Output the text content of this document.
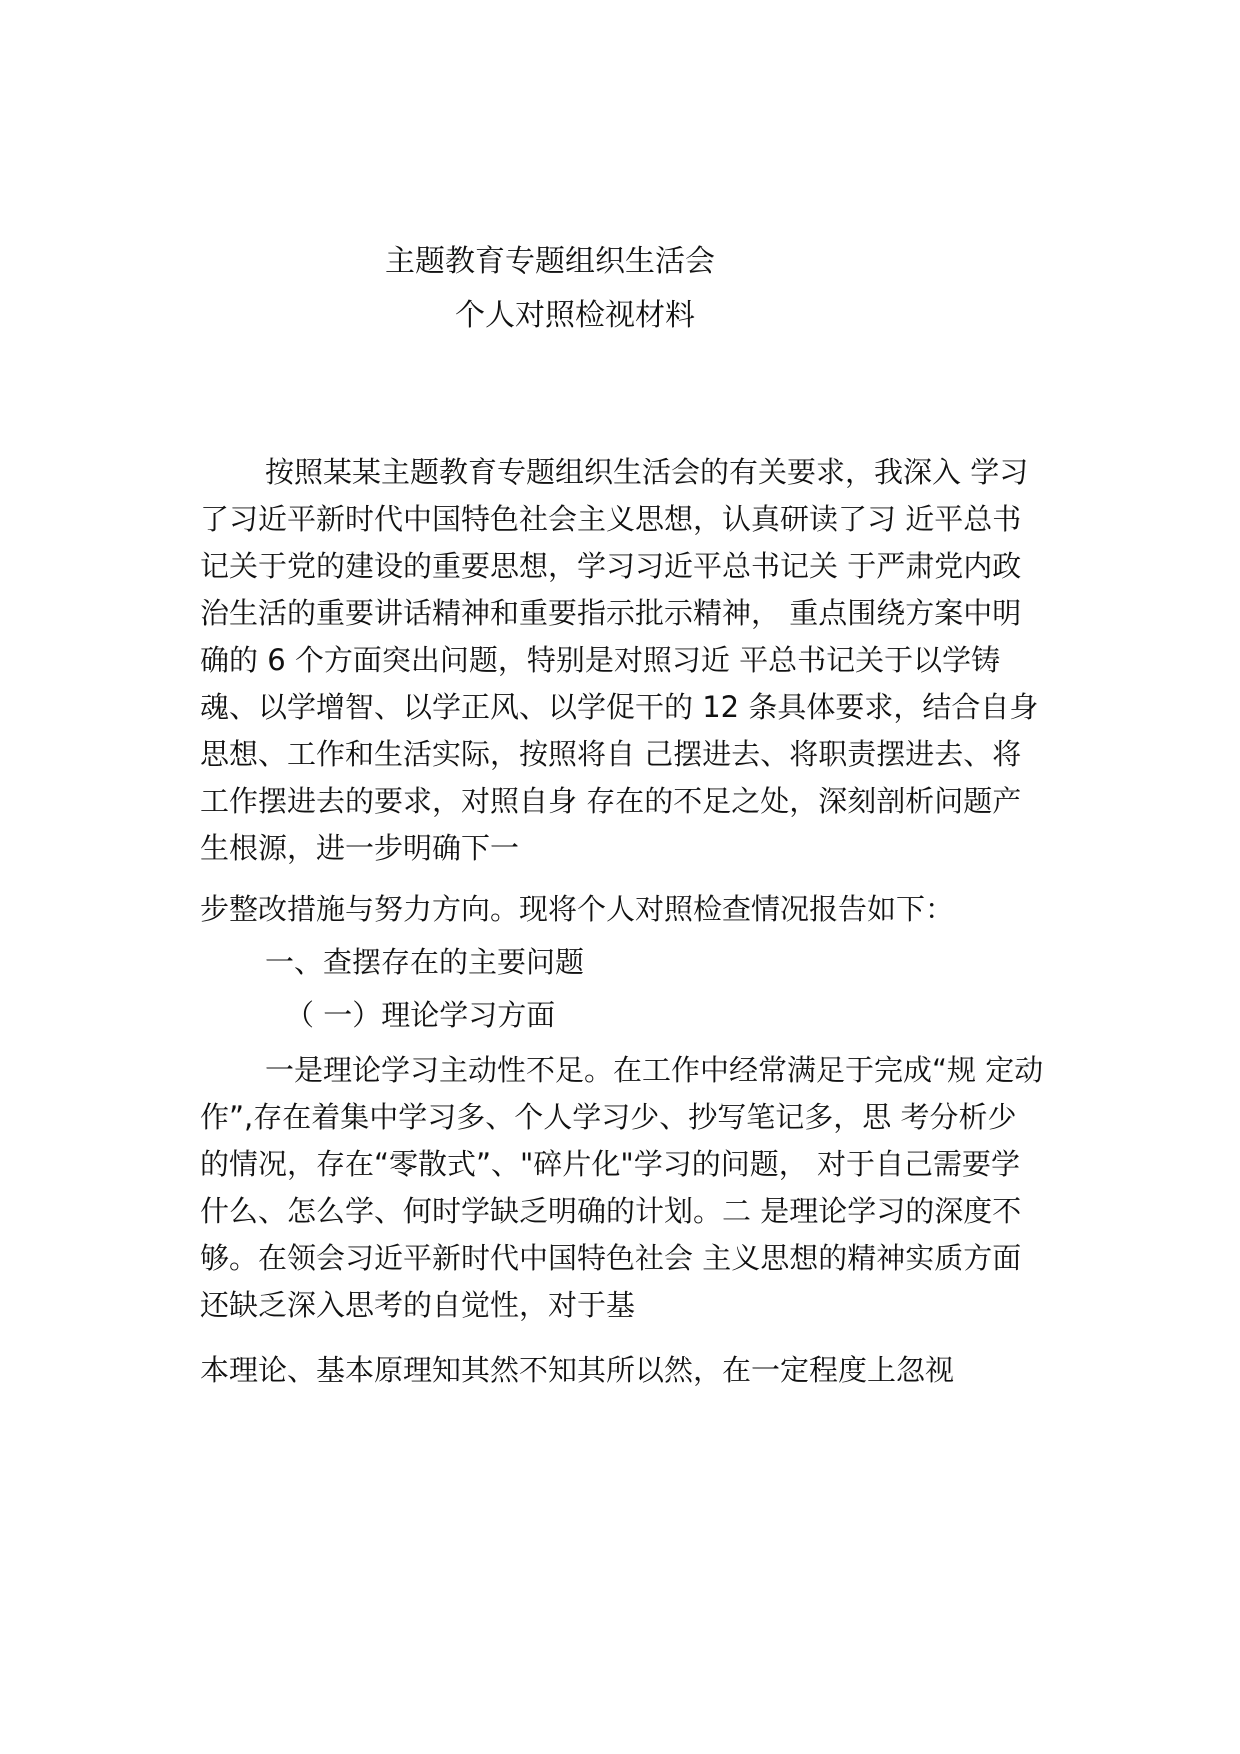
主题教育专题组织生活会
个人对照检视材料
按照某某主题教育专题组织生活会的有关要求，我深入 学习
了习近平新时代中国特色社会主义思想，认真研读了习 近平总书
记关于党的建设的重要思想，学习习近平总书记关 于严肃党内政
治生活的重要讲话精神和重要指示批示精神， 重点围绕方案中明
确的 6 个方面突出问题，特别是对照习近 平总书记关于以学铸
魂、以学增智、以学正风、以学促干的 12 条具体要求，结合自身
思想、工作和生活实际，按照将自 己摆进去、将职责摆进去、将
工作摆进去的要求，对照自身 存在的不足之处，深刻剖析问题产
生根源，进一步明确下一
步整改措施与努力方向。现将个人对照检查情况报告如下：
一、查摆存在的主要问题
（ 一）理论学习方面
一是理论学习主动性不足。在工作中经常满足于完成“规 定动
作”,存在着集中学习多、个人学习少、抄写笔记多，思 考分析少
的情况，存在“零散式”、"碎片化"学习的问题， 对于自己需要学
什么、怎么学、何时学缺乏明确的计划。二 是理论学习的深度不
够。在领会习近平新时代中国特色社会 主义思想的精神实质方面
还缺乏深入思考的自觉性，对于基
本理论、基本原理知其然不知其所以然，在一定程度上忽视
